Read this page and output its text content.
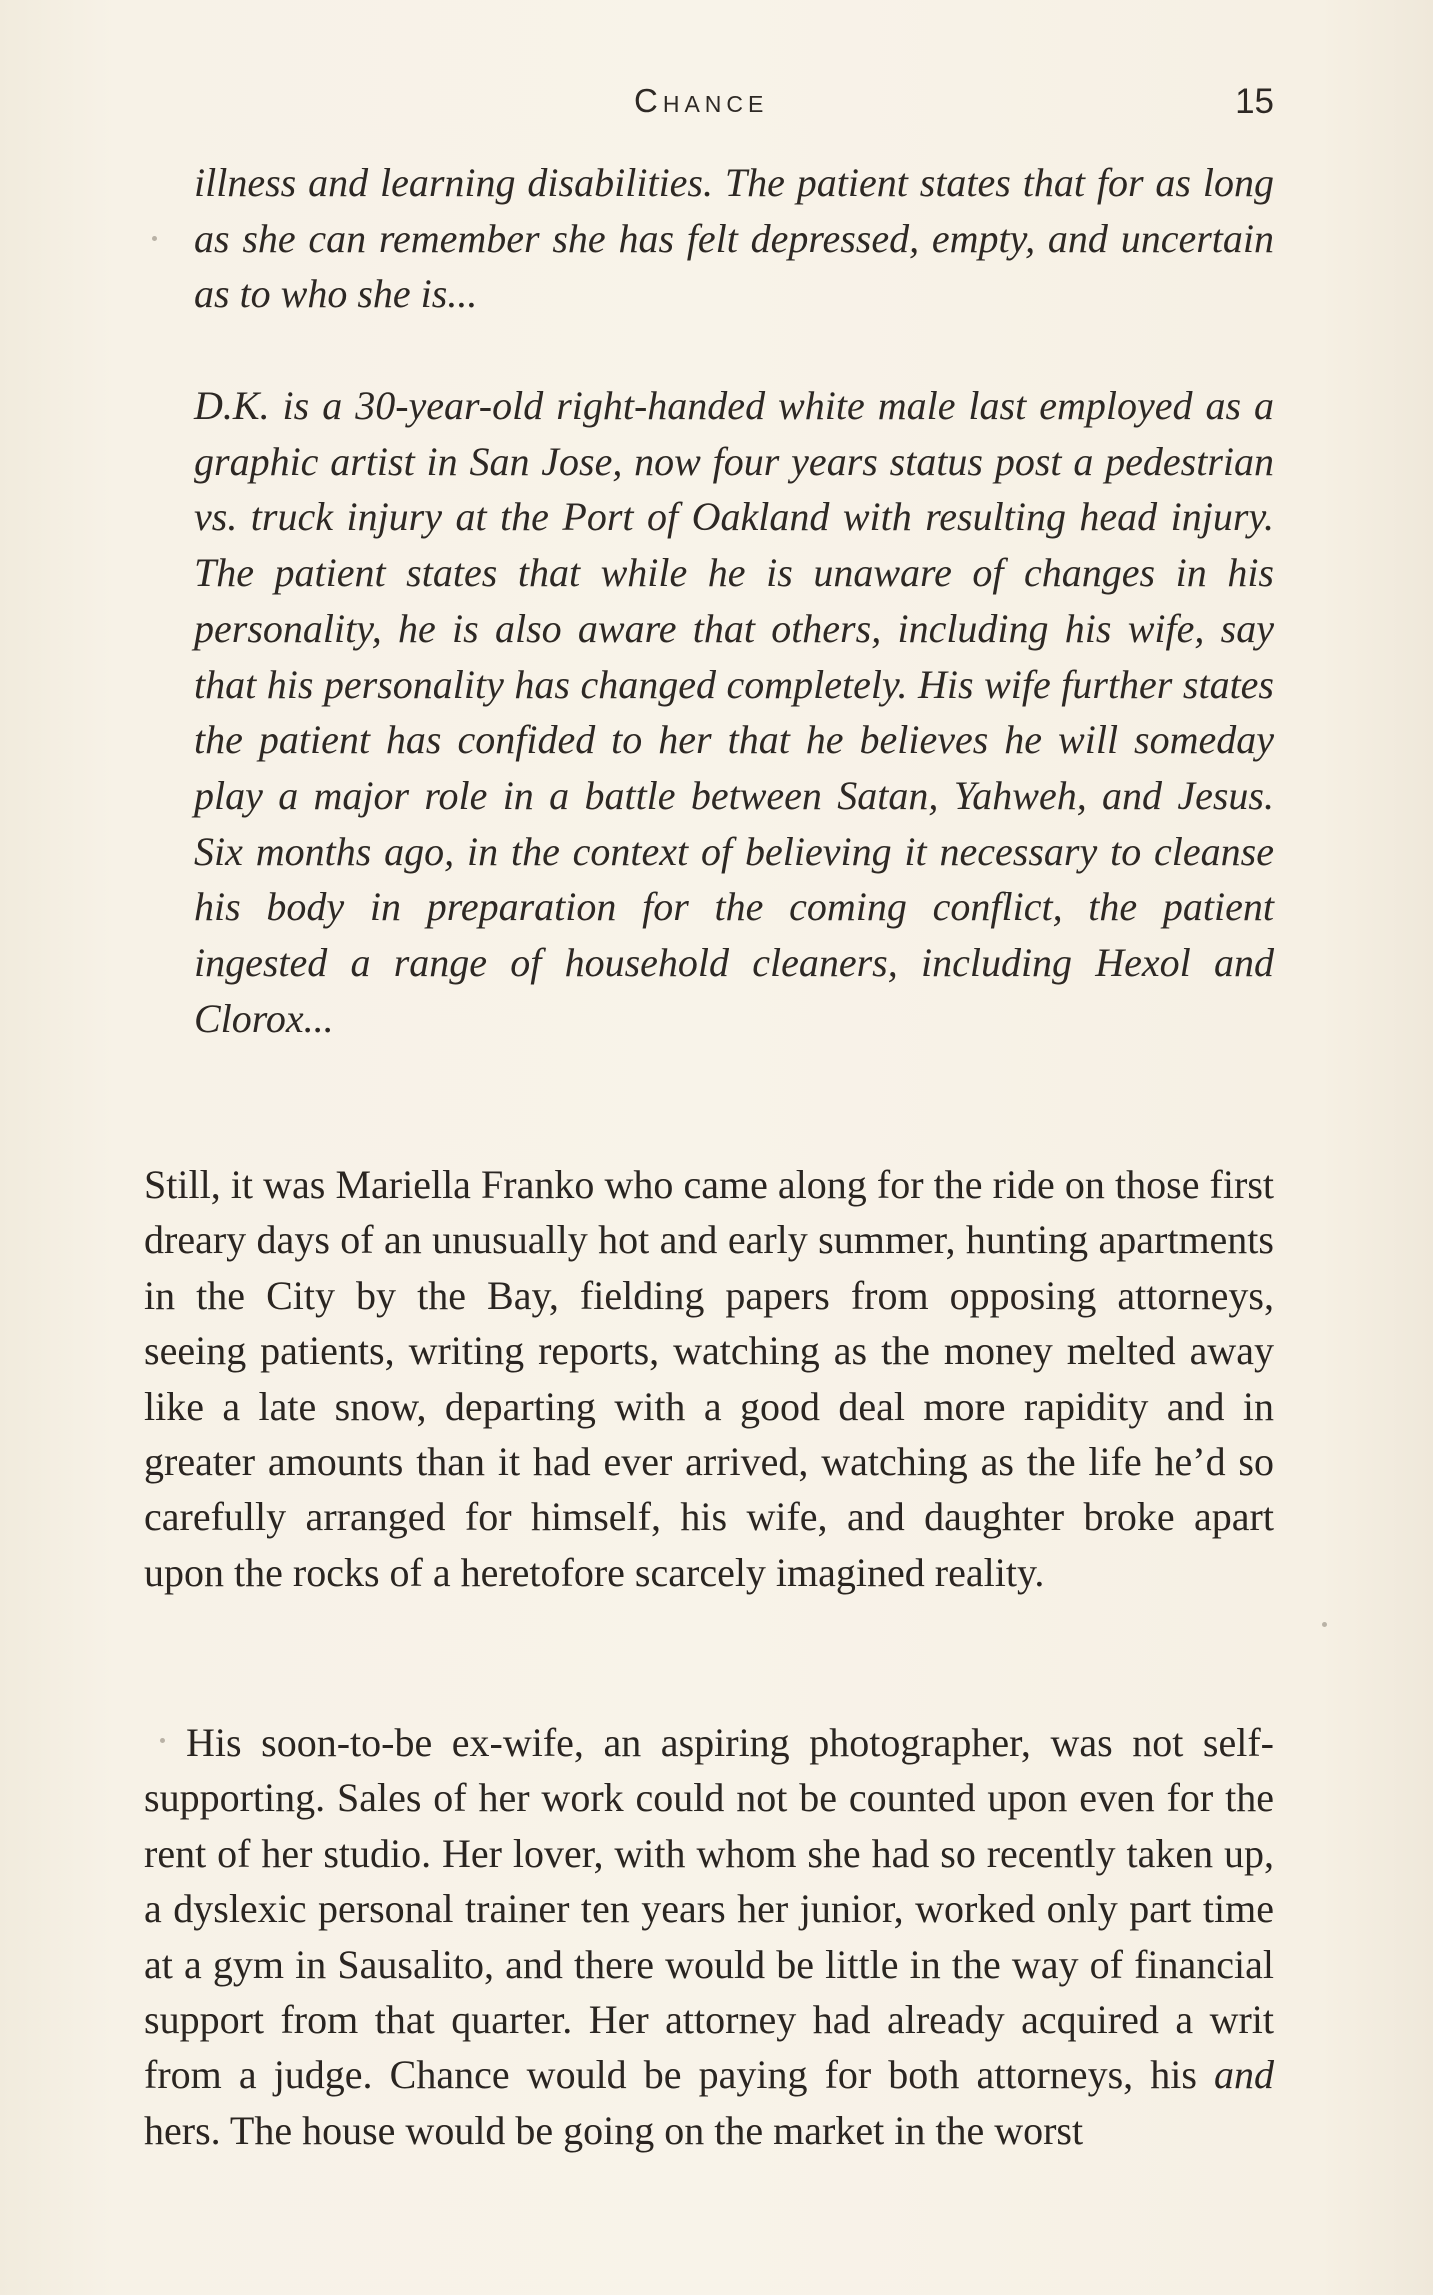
Chance	15
illness and learning disabilities. The patient states that for as long as she can remember she has felt depressed, empty, and uncertain as to who she is...
D.K. is a 30-year-old right-handed white male last employed as a graphic artist in San Jose, now four years status post a pedestrian vs. truck injury at the Port of Oakland with resulting head injury. The patient states that while he is unaware of changes in his personality, he is also aware that others, including his wife, say that his personality has changed completely. His wife further states the patient has confided to her that he believes he will someday play a major role in a battle between Satan, Yahweh, and Jesus. Six months ago, in the context of believing it necessary to cleanse his body in preparation for the coming conflict, the patient ingested a range of household cleaners, including Hexol and Clorox...
Still, it was Mariella Franko who came along for the ride on those first dreary days of an unusually hot and early summer, hunting apartments in the City by the Bay, fielding papers from opposing attorneys, seeing patients, writing reports, watching as the money melted away like a late snow, departing with a good deal more rapidity and in greater amounts than it had ever arrived, watching as the life he’d so carefully arranged for himself, his wife, and daughter broke apart upon the rocks of a heretofore scarcely imagined reality.
His soon-to-be ex-wife, an aspiring photographer, was not self-supporting. Sales of her work could not be counted upon even for the rent of her studio. Her lover, with whom she had so recently taken up, a dyslexic personal trainer ten years her junior, worked only part time at a gym in Sausalito, and there would be little in the way of financial support from that quarter. Her attorney had already acquired a writ from a judge. Chance would be paying for both attorneys, his and hers. The house would be going on the market in the worst
